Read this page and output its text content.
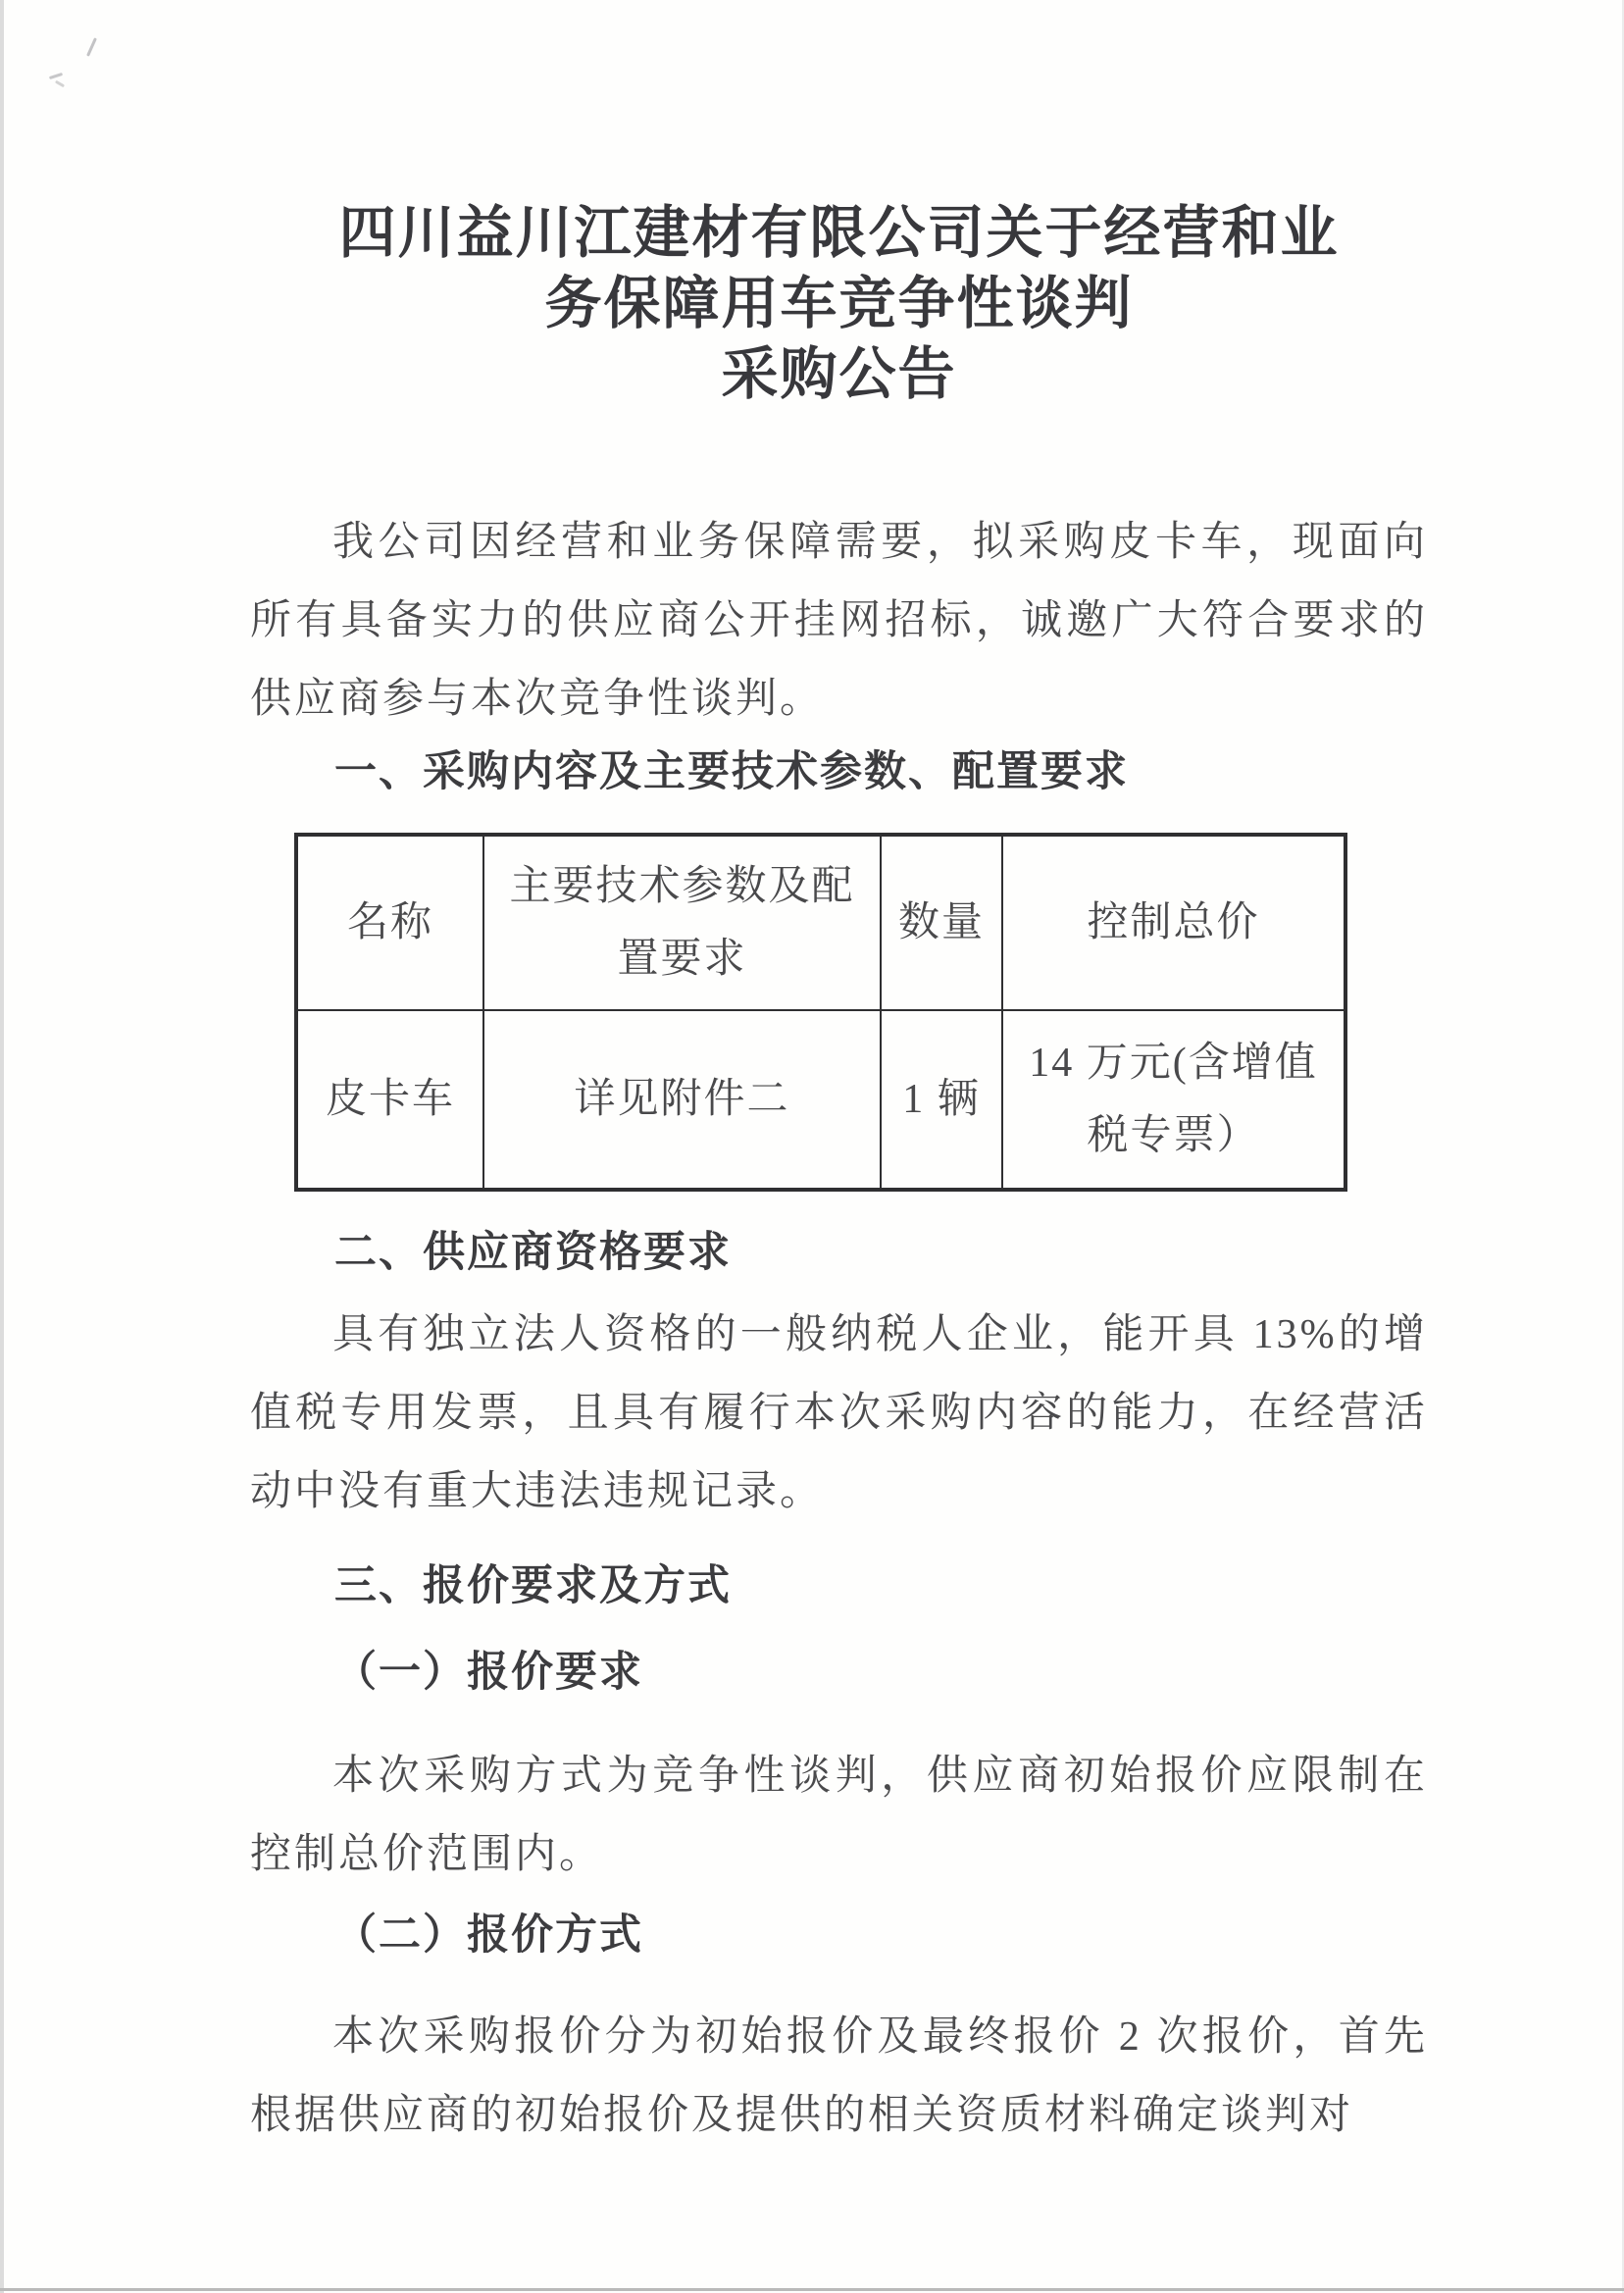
四川益川江建材有限公司关于经营和业
务保障用车竞争性谈判
采购公告

我公司因经营和业务保障需要，拟采购皮卡车，现面向所有具备实力的供应商公开挂网招标，诚邀广大符合要求的供应商参与本次竞争性谈判。

一、采购内容及主要技术参数、配置要求
名称	主要技术参数及配置要求	数量	控制总价
皮卡车	详见附件二	1 辆	14 万元(含增值税专票）
二、供应商资格要求

具有独立法人资格的一般纳税人企业，能开具 13%的增值税专用发票，且具有履行本次采购内容的能力，在经营活动中没有重大违法违规记录。

三、报价要求及方式
（一）报价要求

本次采购方式为竞争性谈判，供应商初始报价应限制在控制总价范围内。

（二）报价方式

本次采购报价分为初始报价及最终报价 2 次报价，首先根据供应商的初始报价及提供的相关资质材料确定谈判对
